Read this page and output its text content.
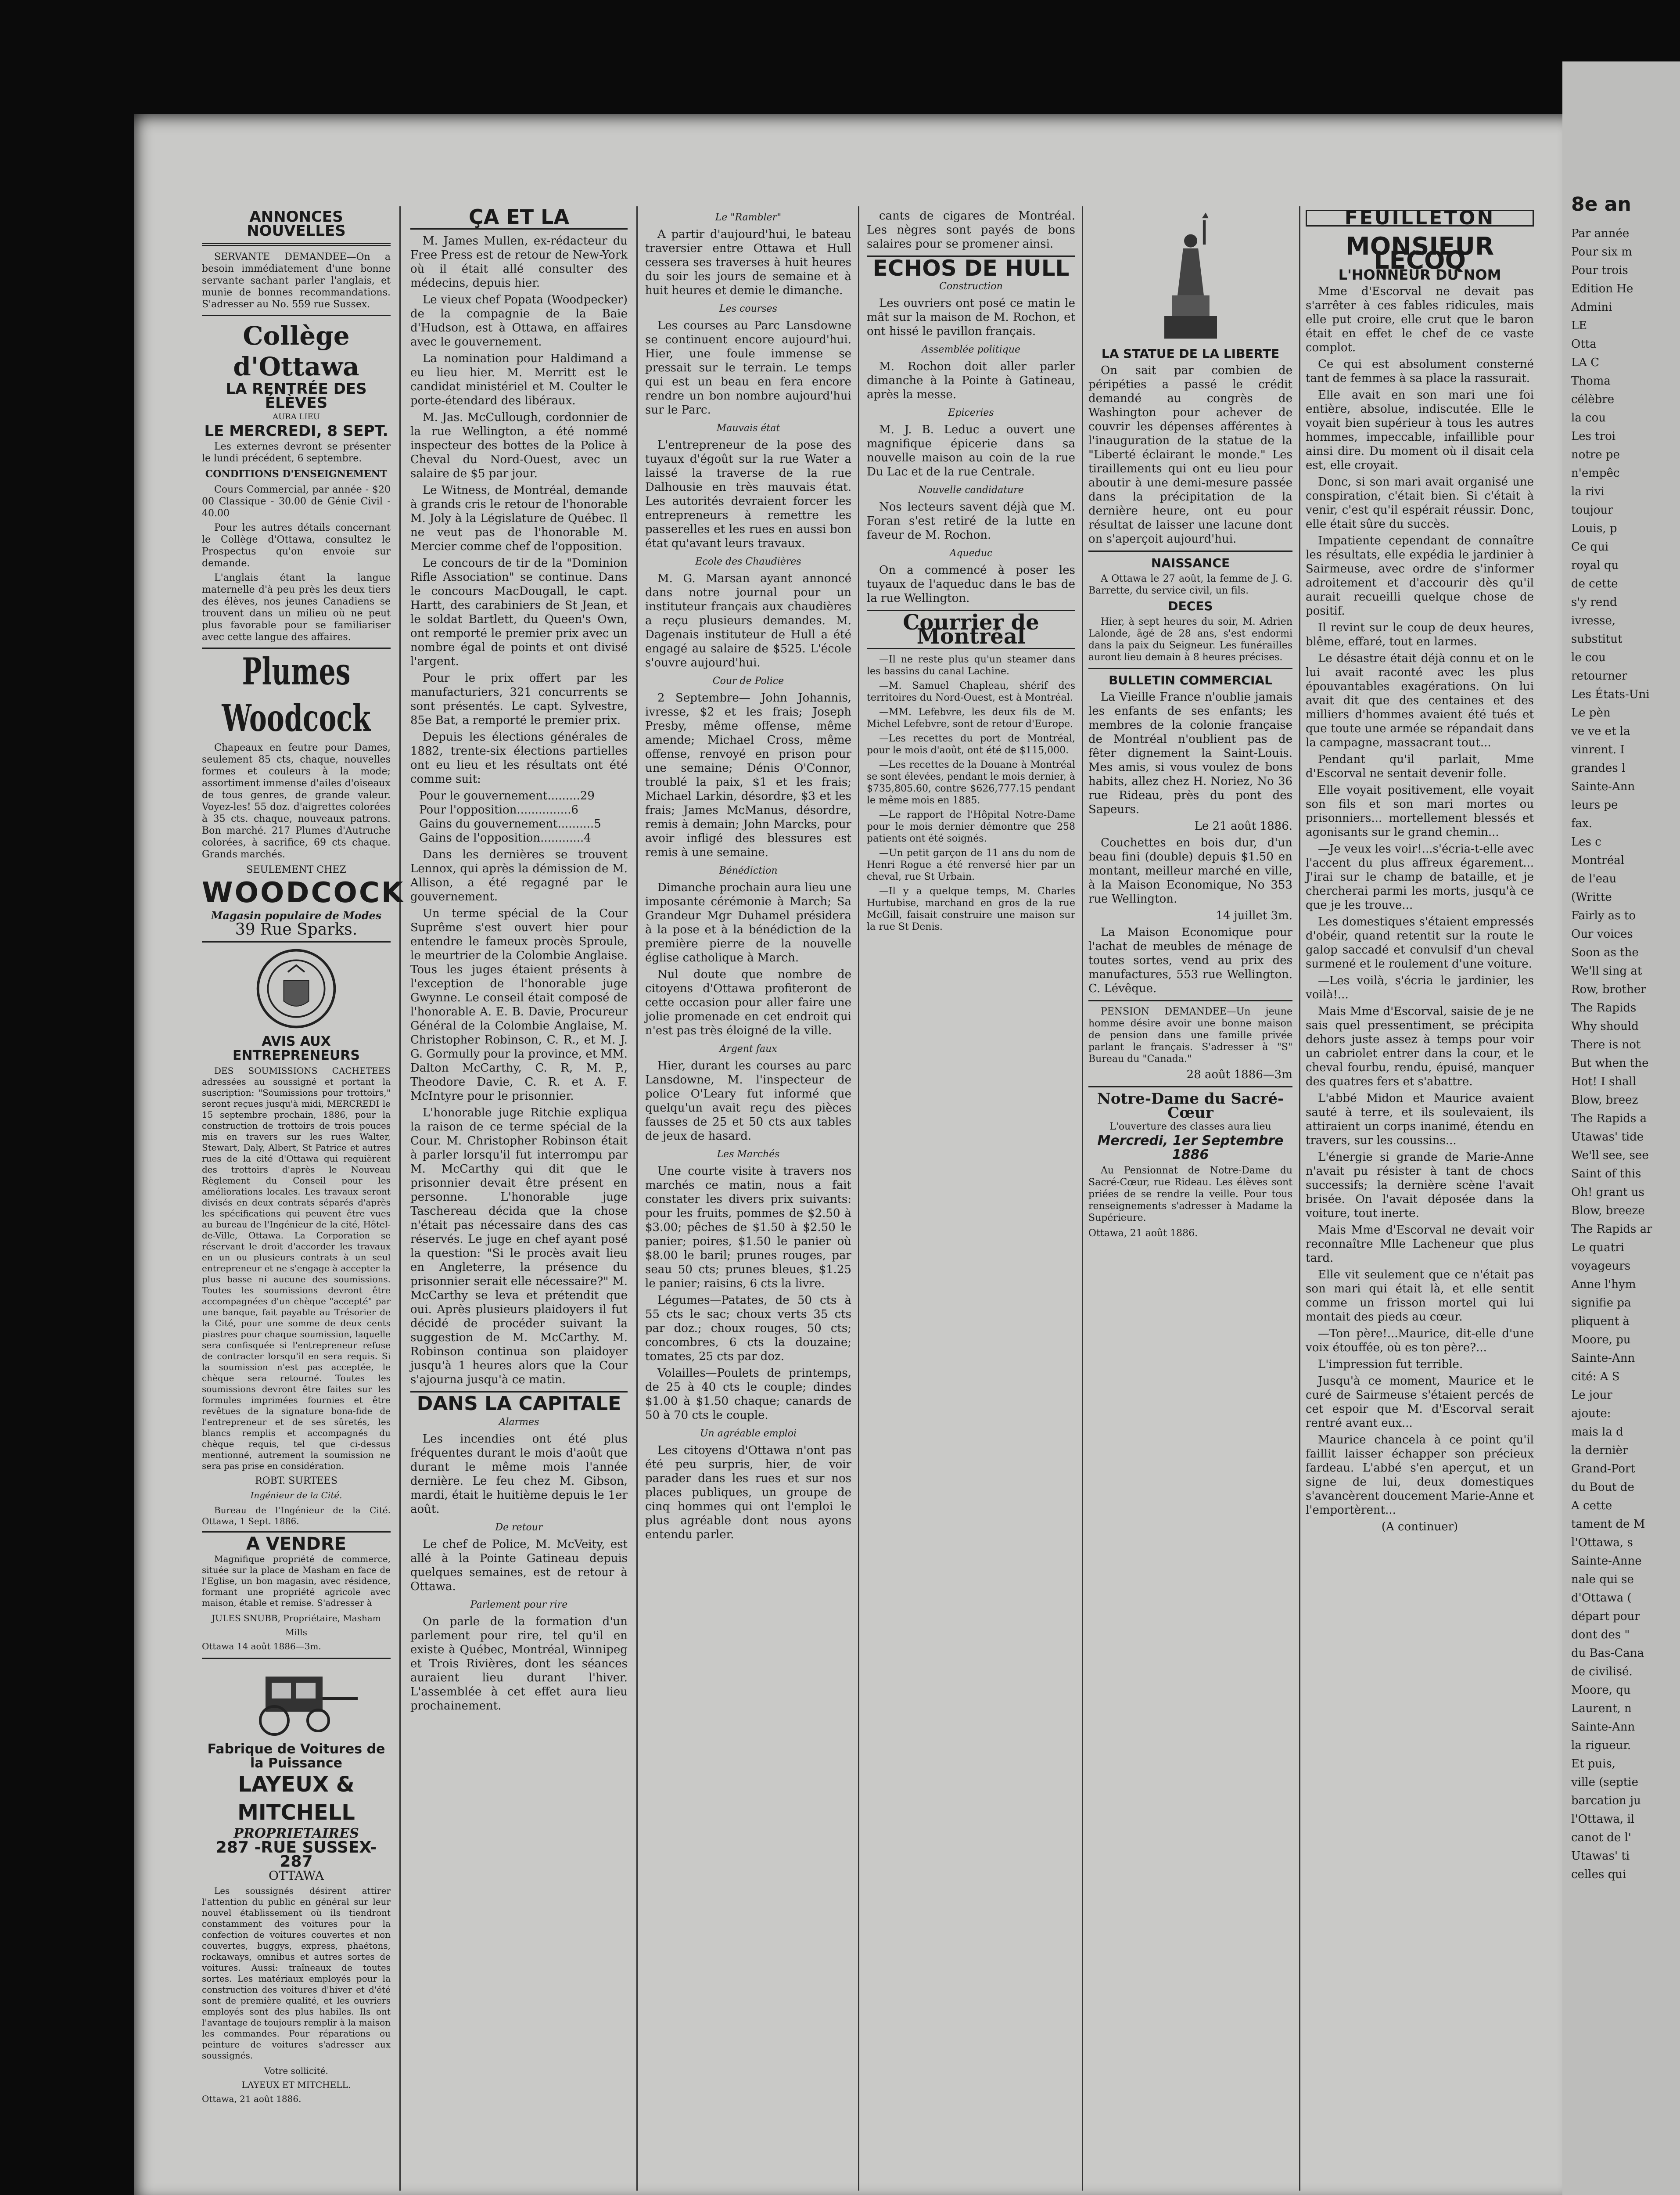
8e an
Par année
Pour six m
Pour trois
Edition He
Admini
LE
Otta
LA C
Thoma
célèbre
la cou
Les troi
notre pe
n'empêc
la rivi
toujour
Louis, p
Ce qui
royal qu
de cette
s'y rend
ivresse,
substitut
le cou
retourner
Les États-Uni
Le pèn
ve ve et la
vinrent. I
grandes l
Sainte-Ann
leurs pe
fax.
Les c
Montréal
de l'eau
(Writte
Fairly as to
Our voices
Soon as the
We'll sing at
Row, brother
The Rapids
Why should
There is not
But when the
Hot! I shall
Blow, breez
The Rapids a
Utawas' tide
We'll see, see
Saint of this
Oh! grant us
Blow, breeze
The Rapids ar
Le quatri
voyageurs
Anne l'hym
signifie pa
pliquent à
Moore, pu
Sainte-Ann
cité: A S
Le jour
ajoute:
mais la d
la dernièr
Grand-Port
du Bout de
A cette
tament de M
l'Ottawa, s
Sainte-Anne
nale qui se
d'Ottawa (
départ pour
dont des "
du Bas-Cana
de civilisé.
Moore, qu
Laurent, n
Sainte-Ann
la rigueur.
Et puis,
ville (septie
barcation ju
l'Ottawa, il
canot de l'
Utawas' ti
celles qui
ANNONCES NOUVELLES

SERVANTE DEMANDEE—On a besoin immédiatement d'une bonne servante sachant parler l'anglais, et munie de bonnes recommandations. S'adresser au No. 559 rue Sussex.

Collège d'Ottawa
LA RENTRÉE DES ÉLÈVES
AURA LIEU
LE MERCREDI, 8 SEPT.

Les externes devront se présenter le lundi précédent, 6 septembre.

CONDITIONS D'ENSEIGNEMENT

Cours Commercial, par année - $20 00 Classique - 30.00 de Génie Civil - 40.00

Pour les autres détails concernant le Collège d'Ottawa, consultez le Prospectus qu'on envoie sur demande.

L'anglais étant la langue maternelle d'à peu près les deux tiers des élèves, nos jeunes Canadiens se trouvent dans un milieu où ne peut plus favorable pour se familiariser avec cette langue des affaires.

Plumes Woodcock

Chapeaux en feutre pour Dames, seulement 85 cts, chaque, nouvelles formes et couleurs à la mode; assortiment immense d'ailes d'oiseaux de tous genres, de grande valeur. Voyez-les! 55 doz. d'aigrettes colorées à 35 cts. chaque, nouveaux patrons. Bon marché. 217 Plumes d'Autruche colorées, à sacrifice, 69 cts chaque. Grands marchés.

SEULEMENT CHEZ
WOODCOCK
Magasin populaire de Modes
39 Rue Sparks.
AVIS AUX ENTREPRENEURS

DES SOUMISSIONS CACHETEES adressées au soussigné et portant la suscription: "Soumissions pour trottoirs," seront reçues jusqu'à midi, MERCREDI le 15 septembre prochain, 1886, pour la construction de trottoirs de trois pouces mis en travers sur les rues Walter, Stewart, Daly, Albert, St Patrice et autres rues de la cité d'Ottawa qui requièrent des trottoirs d'après le Nouveau Règlement du Conseil pour les améliorations locales. Les travaux seront divisés en deux contrats séparés d'après les spécifications qui peuvent être vues au bureau de l'Ingénieur de la cité, Hôtel-de-Ville, Ottawa. La Corporation se réservant le droit d'accorder les travaux en un ou plusieurs contrats à un seul entrepreneur et ne s'engage à accepter la plus basse ni aucune des soumissions. Toutes les soumissions devront être accompagnées d'un chèque "accepté" par une banque, fait payable au Trésorier de la Cité, pour une somme de deux cents piastres pour chaque soumission, laquelle sera confisquée si l'entrepreneur refuse de contracter lorsqu'il en sera requis. Si la soumission n'est pas acceptée, le chèque sera retourné. Toutes les soumissions devront être faites sur les formules imprimées fournies et être revêtues de la signature bona-fide de l'entrepreneur et de ses sûretés, les blancs remplis et accompagnés du chèque requis, tel que ci-dessus mentionné, autrement la soumission ne sera pas prise en considération.

ROBT. SURTEES
Ingénieur de la Cité.

Bureau de l'Ingénieur de la Cité. Ottawa, 1 Sept. 1886.

A VENDRE

Magnifique propriété de commerce, située sur la place de Masham en face de l'Eglise, un bon magasin, avec résidence, formant une propriété agricole avec maison, étable et remise. S'adresser à

JULES SNUBB, Propriétaire, Masham Mills
Ottawa 14 août 1886—3m.
Fabrique de Voitures de la Puissance
LAYEUX & MITCHELL
PROPRIETAIRES
287 -RUE SUSSEX- 287
OTTAWA

Les soussignés désirent attirer l'attention du public en général sur leur nouvel établissement où ils tiendront constamment des voitures pour la confection de voitures couvertes et non couvertes, buggys, express, phaétons, rockaways, omnibus et autres sortes de voitures. Aussi: traîneaux de toutes sortes. Les matériaux employés pour la construction des voitures d'hiver et d'été sont de première qualité, et les ouvriers employés sont des plus habiles. Ils ont l'avantage de toujours remplir à la maison les commandes. Pour réparations ou peinture de voitures s'adresser aux soussignés.

Votre sollicité.
LAYEUX ET MITCHELL.
Ottawa, 21 août 1886.
ÇA ET LA

M. James Mullen, ex-rédacteur du Free Press est de retour de New-York où il était allé consulter des médecins, depuis hier.

Le vieux chef Popata (Woodpecker) de la compagnie de la Baie d'Hudson, est à Ottawa, en affaires avec le gouvernement.

La nomination pour Haldimand a eu lieu hier. M. Merritt est le candidat ministériel et M. Coulter le porte-étendard des libéraux.

M. Jas. McCullough, cordonnier de la rue Wellington, a été nommé inspecteur des bottes de la Police à Cheval du Nord-Ouest, avec un salaire de $5 par jour.

Le Witness, de Montréal, demande à grands cris le retour de l'honorable M. Joly à la Législature de Québec. Il ne veut pas de l'honorable M. Mercier comme chef de l'opposition.

Le concours de tir de la "Dominion Rifle Association" se continue. Dans le concours MacDougall, le capt. Hartt, des carabiniers de St Jean, et le soldat Bartlett, du Queen's Own, ont remporté le premier prix avec un nombre égal de points et ont divisé l'argent.

Pour le prix offert par les manufacturiers, 321 concurrents se sont présentés. Le capt. Sylvestre, 85e Bat, a remporté le premier prix.

Depuis les élections générales de 1882, trente-six élections partielles ont eu lieu et les résultats ont été comme suit:

Pour le gouvernement.........29
Pour l'opposition...............6
Gains du gouvernement..........5
Gains de l'opposition............4

Dans les dernières se trouvent Lennox, qui après la démission de M. Allison, a été regagné par le gouvernement.

Un terme spécial de la Cour Suprême s'est ouvert hier pour entendre le fameux procès Sproule, le meurtrier de la Colombie Anglaise. Tous les juges étaient présents à l'exception de l'honorable juge Gwynne. Le conseil était composé de l'honorable A. E. B. Davie, Procureur Général de la Colombie Anglaise, M. Christopher Robinson, C. R., et M. J. G. Gormully pour la province, et MM. Dalton McCarthy, C. R, M. P., Theodore Davie, C. R. et A. F. McIntyre pour le prisonnier.

L'honorable juge Ritchie expliqua la raison de ce terme spécial de la Cour. M. Christopher Robinson était à parler lorsqu'il fut interrompu par M. McCarthy qui dit que le prisonnier devait être présent en personne. L'honorable juge Taschereau décida que la chose n'était pas nécessaire dans des cas réservés. Le juge en chef ayant posé la question: "Si le procès avait lieu en Angleterre, la présence du prisonnier serait elle nécessaire?" M. McCarthy se leva et prétendit que oui. Après plusieurs plaidoyers il fut décidé de procéder suivant la suggestion de M. McCarthy. M. Robinson continua son plaidoyer jusqu'à 1 heures alors que la Cour s'ajourna jusqu'à ce matin.

DANS LA CAPITALE
Alarmes

Les incendies ont été plus fréquentes durant le mois d'août que durant le même mois l'année dernière. Le feu chez M. Gibson, mardi, était le huitième depuis le 1er août.

De retour

Le chef de Police, M. McVeity, est allé à la Pointe Gatineau depuis quelques semaines, est de retour à Ottawa.

Parlement pour rire

On parle de la formation d'un parlement pour rire, tel qu'il en existe à Québec, Montréal, Winnipeg et Trois Rivières, dont les séances auraient lieu durant l'hiver. L'assemblée à cet effet aura lieu prochainement.

Le "Rambler"

A partir d'aujourd'hui, le bateau traversier entre Ottawa et Hull cessera ses traverses à huit heures du soir les jours de semaine et à huit heures et demie le dimanche.

Les courses

Les courses au Parc Lansdowne se continuent encore aujourd'hui. Hier, une foule immense se pressait sur le terrain. Le temps qui est un beau en fera encore rendre un bon nombre aujourd'hui sur le Parc.

Mauvais état

L'entrepreneur de la pose des tuyaux d'égoût sur la rue Water a laissé la traverse de la rue Dalhousie en très mauvais état. Les autorités devraient forcer les entrepreneurs à remettre les passerelles et les rues en aussi bon état qu'avant leurs travaux.

Ecole des Chaudières

M. G. Marsan ayant annoncé dans notre journal pour un instituteur français aux chaudières a reçu plusieurs demandes. M. Dagenais instituteur de Hull a été engagé au salaire de $525. L'école s'ouvre aujourd'hui.

Cour de Police

2 Septembre— John Johannis, ivresse, $2 et les frais; Joseph Presby, même offense, même amende; Michael Cross, même offense, renvoyé en prison pour une semaine; Dénis O'Connor, troublé la paix, $1 et les frais; Michael Larkin, désordre, $3 et les frais; James McManus, désordre, remis à demain; John Marcks, pour avoir infligé des blessures est remis à une semaine.

Bénédiction

Dimanche prochain aura lieu une imposante cérémonie à March; Sa Grandeur Mgr Duhamel présidera à la pose et à la bénédiction de la première pierre de la nouvelle église catholique à March.

Nul doute que nombre de citoyens d'Ottawa profiteront de cette occasion pour aller faire une jolie promenade en cet endroit qui n'est pas très éloigné de la ville.

Argent faux

Hier, durant les courses au parc Lansdowne, M. l'inspecteur de police O'Leary fut informé que quelqu'un avait reçu des pièces fausses de 25 et 50 cts aux tables de jeux de hasard.

Les Marchés

Une courte visite à travers nos marchés ce matin, nous a fait constater les divers prix suivants: pour les fruits, pommes de $2.50 à $3.00; pêches de $1.50 à $2.50 le panier; poires, $1.50 le panier où $8.00 le baril; prunes rouges, par seau 50 cts; prunes bleues, $1.25 le panier; raisins, 6 cts la livre.

Légumes—Patates, de 50 cts à 55 cts le sac; choux verts 35 cts par doz.; choux rouges, 50 cts; concombres, 6 cts la douzaine; tomates, 25 cts par doz.

Volailles—Poulets de printemps, de 25 à 40 cts le couple; dindes $1.00 à $1.50 chaque; canards de 50 à 70 cts le couple.

Un agréable emploi

Les citoyens d'Ottawa n'ont pas été peu surpris, hier, de voir parader dans les rues et sur nos places publiques, un groupe de cinq hommes qui ont l'emploi le plus agréable dont nous ayons entendu parler.

cants de cigares de Montréal. Les nègres sont payés de bons salaires pour se promener ainsi.

ECHOS DE HULL
Construction

Les ouvriers ont posé ce matin le mât sur la maison de M. Rochon, et ont hissé le pavillon français.

Assemblée politique

M. Rochon doit aller parler dimanche à la Pointe à Gatineau, après la messe.

Epiceries

M. J. B. Leduc a ouvert une magnifique épicerie dans sa nouvelle maison au coin de la rue Du Lac et de la rue Centrale.

Nouvelle candidature

Nos lecteurs savent déjà que M. Foran s'est retiré de la lutte en faveur de M. Rochon.

Aqueduc

On a commencé à poser les tuyaux de l'aqueduc dans le bas de la rue Wellington.

Courrier de Montréal

—Il ne reste plus qu'un steamer dans les bassins du canal Lachine.

—M. Samuel Chapleau, shérif des territoires du Nord-Ouest, est à Montréal.

—MM. Lefebvre, les deux fils de M. Michel Lefebvre, sont de retour d'Europe.

—Les recettes du port de Montréal, pour le mois d'août, ont été de $115,000.

—Les recettes de la Douane à Montréal se sont élevées, pendant le mois dernier, à $735,805.60, contre $626,777.15 pendant le même mois en 1885.

—Le rapport de l'Hôpital Notre-Dame pour le mois dernier démontre que 258 patients ont été soignés.

—Un petit garçon de 11 ans du nom de Henri Rogue a été renversé hier par un cheval, rue St Urbain.

—Il y a quelque temps, M. Charles Hurtubise, marchand en gros de la rue McGill, faisait construire une maison sur la rue St Denis.

LA STATUE DE LA LIBERTE

On sait par combien de péripéties a passé le crédit demandé au congrès de Washington pour achever de couvrir les dépenses afférentes à l'inauguration de la statue de la "Liberté éclairant le monde." Les tiraillements qui ont eu lieu pour aboutir à une demi-mesure passée dans la précipitation de la dernière heure, ont eu pour résultat de laisser une lacune dont on s'aperçoit aujourd'hui.

NAISSANCE

A Ottawa le 27 août, la femme de J. G. Barrette, du service civil, un fils.

DECES

Hier, à sept heures du soir, M. Adrien Lalonde, âgé de 28 ans, s'est endormi dans la paix du Seigneur. Les funérailles auront lieu demain à 8 heures précises.

BULLETIN COMMERCIAL

La Vieille France n'oublie jamais les enfants de ses enfants; les membres de la colonie française de Montréal n'oublient pas de fêter dignement la Saint-Louis. Mes amis, si vous voulez de bons habits, allez chez H. Noriez, No 36 rue Rideau, près du pont des Sapeurs.

Le 21 août 1886.

Couchettes en bois dur, d'un beau fini (double) depuis $1.50 en montant, meilleur marché en ville, à la Maison Economique, No 353 rue Wellington.

14 juillet 3m.

La Maison Economique pour l'achat de meubles de ménage de toutes sortes, vend au prix des manufactures, 553 rue Wellington. C. Lévêque.

PENSION DEMANDEE—Un jeune homme désire avoir une bonne maison de pension dans une famille privée parlant le français. S'adresser à "S" Bureau du "Canada."

28 août 1886—3m
Notre-Dame du Sacré-Cœur
L'ouverture des classes aura lieu
Mercredi, 1er Septembre 1886

Au Pensionnat de Notre-Dame du Sacré-Cœur, rue Rideau. Les élèves sont priées de se rendre la veille. Pour tous renseignements s'adresser à Madame la Supérieure.

Ottawa, 21 août 1886.
FEUILLETON
MONSIEUR LECOQ
L'HONNEUR DU NOM

Mme d'Escorval ne devait pas s'arrêter à ces fables ridicules, mais elle put croire, elle crut que le baron était en effet le chef de ce vaste complot.

Ce qui est absolument consterné tant de femmes à sa place la rassurait.

Elle avait en son mari une foi entière, absolue, indiscutée. Elle le voyait bien supérieur à tous les autres hommes, impeccable, infaillible pour ainsi dire. Du moment où il disait cela est, elle croyait.

Donc, si son mari avait organisé une conspiration, c'était bien. Si c'était à venir, c'est qu'il espérait réussir. Donc, elle était sûre du succès.

Impatiente cependant de connaître les résultats, elle expédia le jardinier à Sairmeuse, avec ordre de s'informer adroitement et d'accourir dès qu'il aurait recueilli quelque chose de positif.

Il revint sur le coup de deux heures, blême, effaré, tout en larmes.

Le désastre était déjà connu et on le lui avait raconté avec les plus épouvantables exagérations. On lui avait dit que des centaines et des milliers d'hommes avaient été tués et que toute une armée se répandait dans la campagne, massacrant tout...

Pendant qu'il parlait, Mme d'Escorval ne sentait devenir folle.

Elle voyait positivement, elle voyait son fils et son mari mortes ou prisonniers... mortellement blessés et agonisants sur le grand chemin...

—Je veux les voir!...s'écria-t-elle avec l'accent du plus affreux égarement... J'irai sur le champ de bataille, et je chercherai parmi les morts, jusqu'à ce que je les trouve...

Les domestiques s'étaient empressés d'obéir, quand retentit sur la route le galop saccadé et convulsif d'un cheval surmené et le roulement d'une voiture.

—Les voilà, s'écria le jardinier, les voilà!...

Mais Mme d'Escorval, saisie de je ne sais quel pressentiment, se précipita dehors juste assez à temps pour voir un cabriolet entrer dans la cour, et le cheval fourbu, rendu, épuisé, manquer des quatres fers et s'abattre.

L'abbé Midon et Maurice avaient sauté à terre, et ils soulevaient, ils attiraient un corps inanimé, étendu en travers, sur les coussins...

L'énergie si grande de Marie-Anne n'avait pu résister à tant de chocs successifs; la dernière scène l'avait brisée. On l'avait déposée dans la voiture, tout inerte.

Mais Mme d'Escorval ne devait voir reconnaître Mlle Lacheneur que plus tard.

Elle vit seulement que ce n'était pas son mari qui était là, et elle sentit comme un frisson mortel qui lui montait des pieds au cœur.

—Ton père!...Maurice, dit-elle d'une voix étouffée, où es ton père?...

L'impression fut terrible.

Jusqu'à ce moment, Maurice et le curé de Sairmeuse s'étaient percés de cet espoir que M. d'Escorval serait rentré avant eux...

Maurice chancela à ce point qu'il faillit laisser échapper son précieux fardeau. L'abbé s'en aperçut, et un signe de lui, deux domestiques s'avancèrent doucement Marie-Anne et l'emportèrent...

(A continuer)
